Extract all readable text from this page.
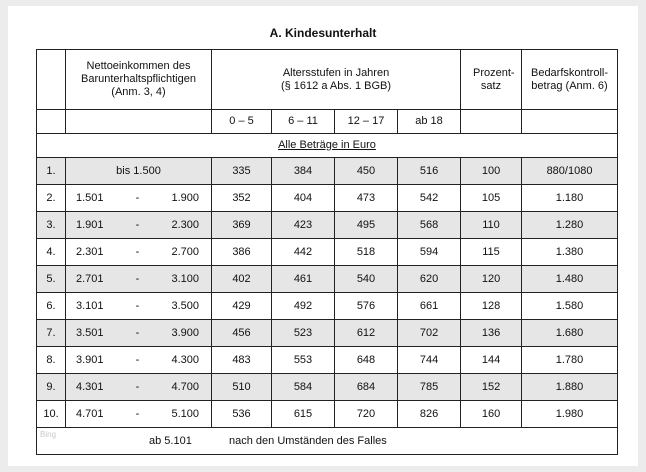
A. Kindesunterhalt
	Nettoeinkommen des Barunterhaltspflichtigen (Anm. 3, 4)	Altersstufen in Jahren
(§ 1612 a Abs. 1 BGB)				Prozent-satz	Bedarfskontroll-betrag (Anm. 6)
		0 – 5	6 – 11	12 – 17	ab 18		
Alle Beträge in Euro							
1.	bis 1.500	335	384	450	516	100	880/1080
2.	1.501 - 1.900	352	404	473	542	105	1.180
3.	1.901 - 2.300	369	423	495	568	110	1.280
4.	2.301 - 2.700	386	442	518	594	115	1.380
5.	2.701 - 3.100	402	461	540	620	120	1.480
6.	3.101 - 3.500	429	492	576	661	128	1.580
7.	3.501 - 3.900	456	523	612	702	136	1.680
8.	3.901 - 4.300	483	553	648	744	144	1.780
9.	4.301 - 4.700	510	584	684	785	152	1.880
10.	4.701 - 5.100	536	615	720	826	160	1.980
ab 5.101 nach den Umständen des Falles							
Bing
